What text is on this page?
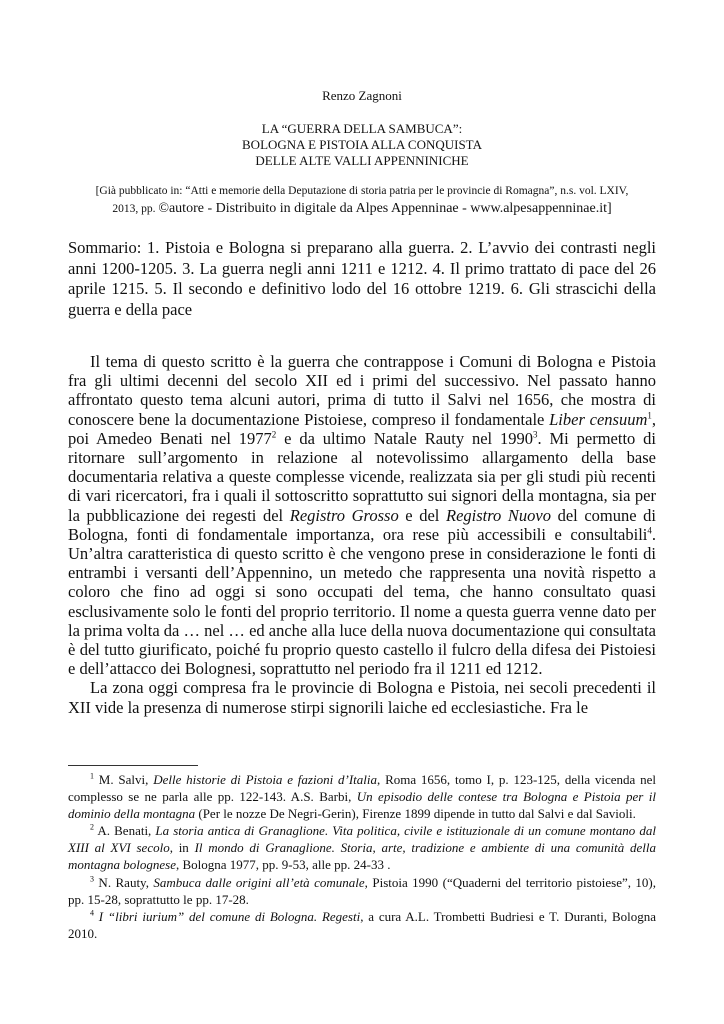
Renzo Zagnoni
LA “GUERRA DELLA SAMBUCA”:
BOLOGNA E PISTOIA ALLA CONQUISTA
DELLE ALTE VALLI APPENNINICHE
[Già pubblicato in: “Atti e memorie della Deputazione di storia patria per le provincie di Romagna”, n.s. vol. LXIV,
2013, pp. ©autore - Distribuito in digitale da Alpes Appenninae - www.alpesappenninae.it]
Sommario: 1. Pistoia e Bologna si preparano alla guerra. 2. L’avvio dei contrasti negli anni 1200-1205. 3. La guerra negli anni 1211 e 1212. 4. Il primo trattato di pace del 26 aprile 1215. 5. Il secondo e definitivo lodo del 16 ottobre 1219. 6. Gli strascichi della guerra e della pace

Il tema di questo scritto è la guerra che contrappose i Comuni di Bologna e Pistoia fra gli ultimi decenni del secolo XII ed i primi del successivo. Nel passato hanno affrontato questo tema alcuni autori, prima di tutto il Salvi nel 1656, che mostra di conoscere bene la documentazione Pistoiese, compreso il fondamentale Liber censuum$^1$, poi Amedeo Benati nel 1977$^2$ e da ultimo Natale Rauty nel 1990$^3$. Mi permetto di ritornare sull’argomento in relazione al notevolissimo allargamento della base documentaria relativa a queste complesse vicende, realizzata sia per gli studi più recenti di vari ricercatori, fra i quali il sottoscritto soprattutto sui signori della montagna, sia per la pubblicazione dei regesti del Registro Grosso e del Registro Nuovo del comune di Bologna, fonti di fondamentale importanza, ora rese più accessibili e consultabili$^4$. Un’altra caratteristica di questo scritto è che vengono prese in considerazione le fonti di entrambi i versanti dell’Appennino, un metedo che rappresenta una novità rispetto a coloro che fino ad oggi si sono occupati del tema, che hanno consultato quasi esclusivamente solo le fonti del proprio territorio. Il nome a questa guerra venne dato per la prima volta da … nel … ed anche alla luce della nuova documentazione qui consultata è del tutto giurificato, poiché fu proprio questo castello il fulcro della difesa dei Pistoiesi e dell’attacco dei Bolognesi, soprattutto nel periodo fra il 1211 ed 1212.

La zona oggi compresa fra le provincie di Bologna e Pistoia, nei secoli precedenti il XII vide la presenza di numerose stirpi signorili laiche ed ecclesiastiche. Fra le

$^1$ M. Salvi, Delle historie di Pistoia e fazioni d’Italia, Roma 1656, tomo I, p. 123-125, della vicenda nel complesso se ne parla alle pp. 122-143. A.S. Barbi, Un episodio delle contese tra Bologna e Pistoia per il dominio della montagna (Per le nozze De Negri-Gerin), Firenze 1899 dipende in tutto dal Salvi e dal Savioli.
$^2$ A. Benati, La storia antica di Granaglione. Vita politica, civile e istituzionale di un comune montano dal XIII al XVI secolo, in Il mondo di Granaglione. Storia, arte, tradizione e ambiente di una comunità della montagna bolognese, Bologna 1977, pp. 9-53, alle pp. 24-33 .
$^3$ N. Rauty, Sambuca dalle origini all’età comunale, Pistoia 1990 (“Quaderni del territorio pistoiese”, 10), pp. 15-28, soprattutto le pp. 17-28.
$^4$ I “libri iurium” del comune di Bologna. Regesti, a cura A.L. Trombetti Budriesi e T. Duranti, Bologna 2010.
